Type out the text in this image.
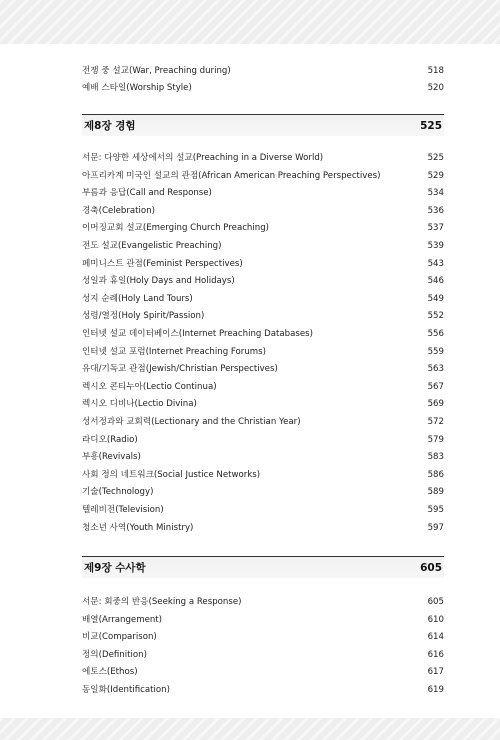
전쟁 중 설교(War, Preaching during)	518
예배 스타일(Worship Style)	520
제8장 경험	525
서문: 다양한 세상에서의 설교(Preaching in a Diverse World)	525
아프리카계 미국인 설교의 관점(African American Preaching Perspectives)	529
부름과 응답(Call and Response)	534
경축(Celebration)	536
이머징교회 설교(Emerging Church Preaching)	537
전도 설교(Evangelistic Preaching)	539
페미니스트 관점(Feminist Perspectives)	543
성일과 휴일(Holy Days and Holidays)	546
성지 순례(Holy Land Tours)	549
성령/열정(Holy Spirit/Passion)	552
인터넷 설교 데이터베이스(Internet Preaching Databases)	556
인터넷 설교 포럼(Internet Preaching Forums)	559
유대/기독교 관점(Jewish/Christian Perspectives)	563
렉시오 콘티누아(Lectio Continua)	567
렉시오 디비나(Lectio Divina)	569
성서정과와 교회력(Lectionary and the Christian Year)	572
라디오(Radio)	579
부흥(Revivals)	583
사회 정의 네트워크(Social Justice Networks)	586
기술(Technology)	589
텔레비전(Television)	595
청소년 사역(Youth Ministry)	597
제9장 수사학	605
서문: 회중의 반응(Seeking a Response)	605
배열(Arrangement)	610
비교(Comparison)	614
정의(Definition)	616
에토스(Ethos)	617
동일화(Identification)	619
